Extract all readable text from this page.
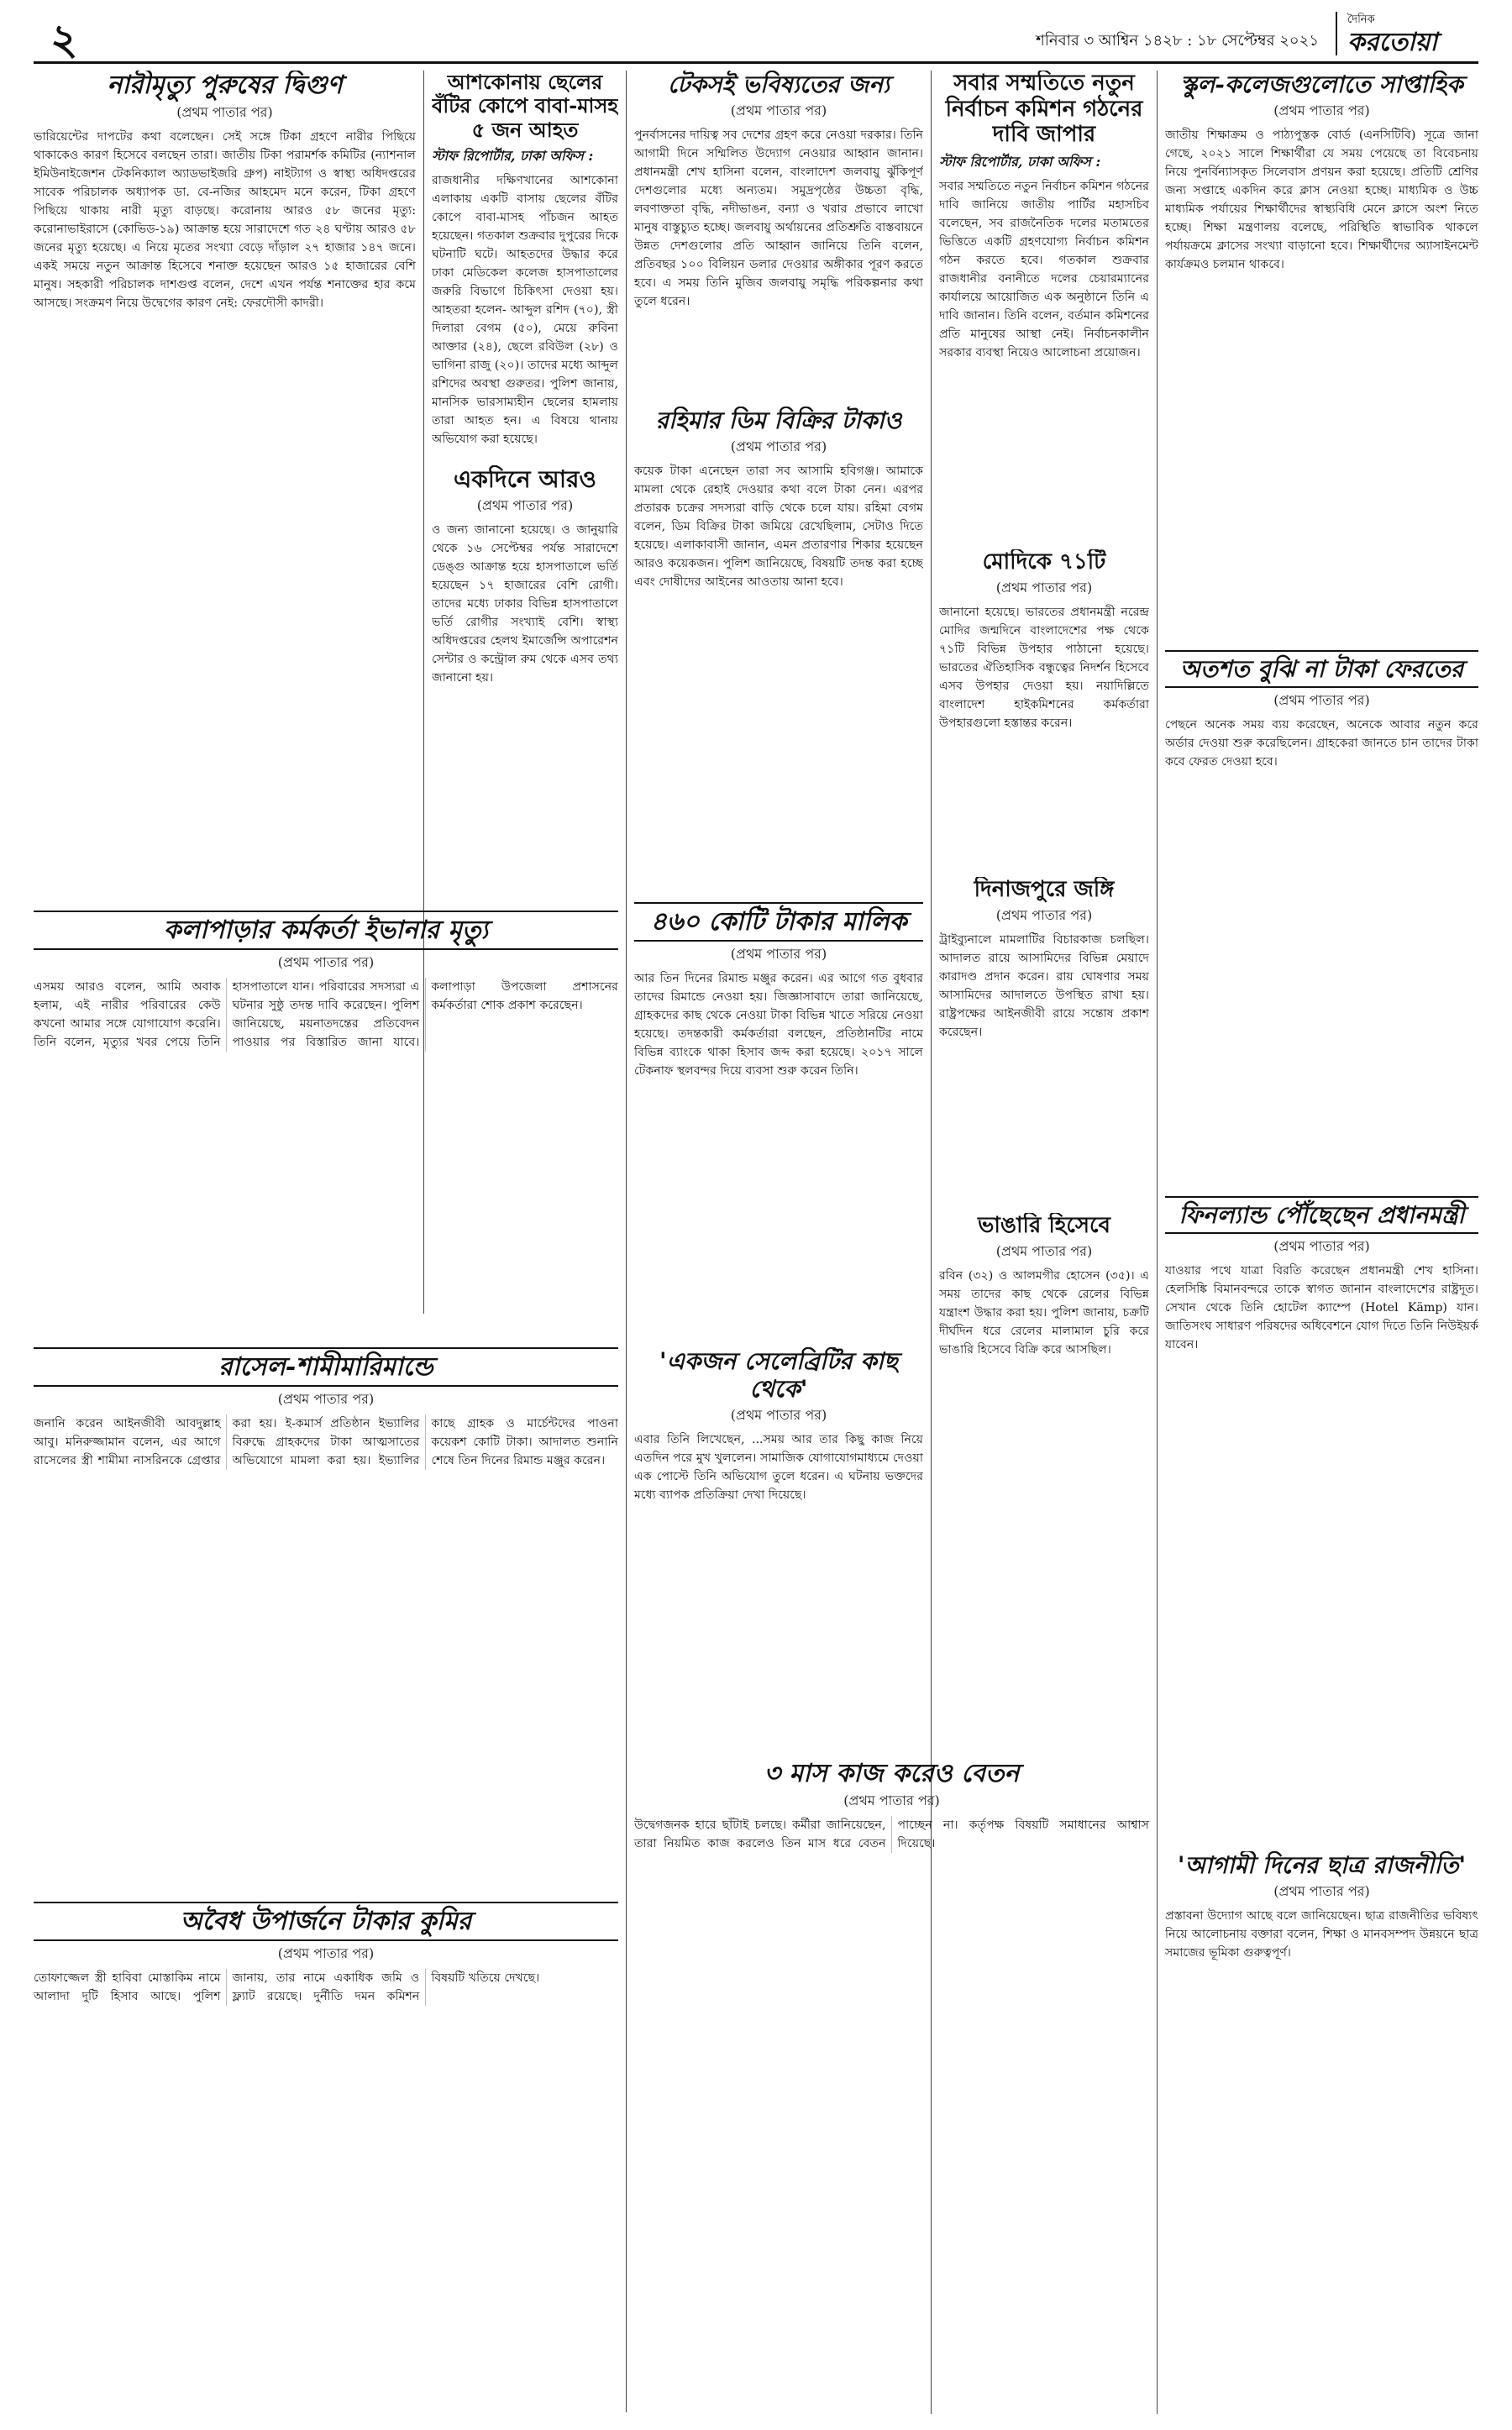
২	শনিবার ৩ আশ্বিন ১৪২৮ : ১৮ সেপ্টেম্বর ২০২১
দৈনিক
করতোয়া
নারীমৃত্যু পুরুষের দ্বিগুণ
(প্রথম পাতার পর)
ভারিয়েন্টের দাপটের কথা বলেছেন। সেই সঙ্গে টিকা গ্রহণে নারীর পিছিয়ে থাকাকেও কারণ হিসেবে বলছেন তারা। জাতীয় টিকা পরামর্শক কমিটির (ন্যাশনাল ইমিউনাইজেশন টেকনিক্যাল অ্যাডভাইজরি গ্রুপ) নাইট্যাগ ও স্বাস্থ্য অধিদপ্তরের সাবেক পরিচালক অধ্যাপক ডা. বে-নজির আহমেদ মনে করেন, টিকা গ্রহণে পিছিয়ে থাকায় নারী মৃত্যু বাড়ছে। করোনায় আরও ৫৮ জনের মৃত্যু: করোনাভাইরাসে (কোভিড-১৯) আক্রান্ত হয়ে সারাদেশে গত ২৪ ঘণ্টায় আরও ৫৮ জনের মৃত্যু হয়েছে। এ নিয়ে মৃতের সংখ্যা বেড়ে দাঁড়াল ২৭ হাজার ১৪৭ জনে। একই সময়ে নতুন আক্রান্ত হিসেবে শনাক্ত হয়েছেন আরও ১৫ হাজারের বেশি মানুষ। সহকারী পরিচালক দাশগুপ্ত বলেন, দেশে এখন পর্যন্ত শনাক্তের হার কমে আসছে। সংক্রমণ নিয়ে উদ্বেগের কারণ নেই: ফেরদৌসী কাদরী।
আশকোনায় ছেলের বঁটির কোপে বাবা-মাসহ ৫ জন আহত
স্টাফ রিপোর্টার, ঢাকা অফিস :
রাজধানীর দক্ষিণখানের আশকোনা এলাকায় একটি বাসায় ছেলের বঁটির কোপে বাবা-মাসহ পাঁচজন আহত হয়েছেন। গতকাল শুক্রবার দুপুরের দিকে ঘটনাটি ঘটে। আহতদের উদ্ধার করে ঢাকা মেডিকেল কলেজ হাসপাতালের জরুরি বিভাগে চিকিৎসা দেওয়া হয়। আহতরা হলেন- আব্দুল রশিদ (৭০), স্ত্রী দিলারা বেগম (৫০), মেয়ে রুবিনা আক্তার (২৪), ছেলে রবিউল (২৮) ও ভাগিনা রাজু (২০)। তাদের মধ্যে আব্দুল রশিদের অবস্থা গুরুতর। পুলিশ জানায়, মানসিক ভারসাম্যহীন ছেলের হামলায় তারা আহত হন। এ বিষয়ে থানায় অভিযোগ করা হয়েছে।
টেকসই ভবিষ্যতের জন্য
(প্রথম পাতার পর)
পুনর্বাসনের দায়িত্ব সব দেশের গ্রহণ করে নেওয়া দরকার। তিনি আগামী দিনে সম্মিলিত উদ্যোগ নেওয়ার আহ্বান জানান। প্রধানমন্ত্রী শেখ হাসিনা বলেন, বাংলাদেশ জলবায়ু ঝুঁকিপূর্ণ দেশগুলোর মধ্যে অন্যতম। সমুদ্রপৃষ্ঠের উচ্চতা বৃদ্ধি, লবণাক্ততা বৃদ্ধি, নদীভাঙন, বন্যা ও খরার প্রভাবে লাখো মানুষ বাস্তুচ্যুত হচ্ছে। জলবায়ু অর্থায়নের প্রতিশ্রুতি বাস্তবায়নে উন্নত দেশগুলোর প্রতি আহ্বান জানিয়ে তিনি বলেন, প্রতিবছর ১০০ বিলিয়ন ডলার দেওয়ার অঙ্গীকার পূরণ করতে হবে। এ সময় তিনি মুজিব জলবায়ু সমৃদ্ধি পরিকল্পনার কথা তুলে ধরেন।
সবার সম্মতিতে নতুন নির্বাচন কমিশন গঠনের দাবি জাপার
স্টাফ রিপোর্টার, ঢাকা অফিস :
সবার সম্মতিতে নতুন নির্বাচন কমিশন গঠনের দাবি জানিয়ে জাতীয় পার্টির মহাসচিব বলেছেন, সব রাজনৈতিক দলের মতামতের ভিত্তিতে একটি গ্রহণযোগ্য নির্বাচন কমিশন গঠন করতে হবে। গতকাল শুক্রবার রাজধানীর বনানীতে দলের চেয়ারম্যানের কার্যালয়ে আয়োজিত এক অনুষ্ঠানে তিনি এ দাবি জানান। তিনি বলেন, বর্তমান কমিশনের প্রতি মানুষের আস্থা নেই। নির্বাচনকালীন সরকার ব্যবস্থা নিয়েও আলোচনা প্রয়োজন।
স্কুল-কলেজগুলোতে সাপ্তাহিক
(প্রথম পাতার পর)
জাতীয় শিক্ষাক্রম ও পাঠ্যপুস্তক বোর্ড (এনসিটিবি) সূত্রে জানা গেছে, ২০২১ সালে শিক্ষার্থীরা যে সময় পেয়েছে তা বিবেচনায় নিয়ে পুনর্বিন্যাসকৃত সিলেবাস প্রণয়ন করা হয়েছে। প্রতিটি শ্রেণির জন্য সপ্তাহে একদিন করে ক্লাস নেওয়া হচ্ছে। মাধ্যমিক ও উচ্চ মাধ্যমিক পর্যায়ের শিক্ষার্থীদের স্বাস্থ্যবিধি মেনে ক্লাসে অংশ নিতে হচ্ছে। শিক্ষা মন্ত্রণালয় বলেছে, পরিস্থিতি স্বাভাবিক থাকলে পর্যায়ক্রমে ক্লাসের সংখ্যা বাড়ানো হবে। শিক্ষার্থীদের অ্যাসাইনমেন্ট কার্যক্রমও চলমান থাকবে।
রহিমার ডিম বিক্রির টাকাও
(প্রথম পাতার পর)
কয়েক টাকা এনেছেন তারা সব আসামি হবিগঞ্জ। আমাকে মামলা থেকে রেহাই দেওয়ার কথা বলে টাকা নেন। এরপর প্রতারক চক্রের সদস্যরা বাড়ি থেকে চলে যায়। রহিমা বেগম বলেন, ডিম বিক্রির টাকা জমিয়ে রেখেছিলাম, সেটাও দিতে হয়েছে। এলাকাবাসী জানান, এমন প্রতারণার শিকার হয়েছেন আরও কয়েকজন। পুলিশ জানিয়েছে, বিষয়টি তদন্ত করা হচ্ছে এবং দোষীদের আইনের আওতায় আনা হবে।
মোদিকে ৭১টি
(প্রথম পাতার পর)
জানানো হয়েছে। ভারতের প্রধানমন্ত্রী নরেন্দ্র মোদির জন্মদিনে বাংলাদেশের পক্ষ থেকে ৭১টি বিভিন্ন উপহার পাঠানো হয়েছে। ভারতের ঐতিহাসিক বন্ধুত্বের নিদর্শন হিসেবে এসব উপহার দেওয়া হয়। নয়াদিল্লিতে বাংলাদেশ হাইকমিশনের কর্মকর্তারা উপহারগুলো হস্তান্তর করেন।
একদিনে আরও
(প্রথম পাতার পর)
ও জন্য জানানো হয়েছে। ও জানুয়ারি থেকে ১৬ সেপ্টেম্বর পর্যন্ত সারাদেশে ডেঙ্গু আক্রান্ত হয়ে হাসপাতালে ভর্তি হয়েছেন ১৭ হাজারের বেশি রোগী। তাদের মধ্যে ঢাকার বিভিন্ন হাসপাতালে ভর্তি রোগীর সংখ্যাই বেশি। স্বাস্থ্য অধিদপ্তরের হেলথ ইমার্জেন্সি অপারেশন সেন্টার ও কন্ট্রোল রুম থেকে এসব তথ্য জানানো হয়।
কলাপাড়ার কর্মকর্তা ইভানার মৃত্যু
(প্রথম পাতার পর)
এসময় আরও বলেন, আমি অবাক হলাম, এই নারীর পরিবারের কেউ কখনো আমার সঙ্গে যোগাযোগ করেনি। তিনি বলেন, মৃত্যুর খবর পেয়ে তিনি হাসপাতালে যান। পরিবারের সদস্যরা এ ঘটনার সুষ্ঠু তদন্ত দাবি করেছেন। পুলিশ জানিয়েছে, ময়নাতদন্তের প্রতিবেদন পাওয়ার পর বিস্তারিত জানা যাবে। কলাপাড়া উপজেলা প্রশাসনের কর্মকর্তারা শোক প্রকাশ করেছেন।
৪৬০ কোটি টাকার মালিক
(প্রথম পাতার পর)
আর তিন দিনের রিমান্ড মঞ্জুর করেন। এর আগে গত বুধবার তাদের রিমান্ডে নেওয়া হয়। জিজ্ঞাসাবাদে তারা জানিয়েছে, গ্রাহকদের কাছ থেকে নেওয়া টাকা বিভিন্ন খাতে সরিয়ে নেওয়া হয়েছে। তদন্তকারী কর্মকর্তারা বলছেন, প্রতিষ্ঠানটির নামে বিভিন্ন ব্যাংকে থাকা হিসাব জব্দ করা হয়েছে। ২০১৭ সালে টেকনাফ স্থলবন্দর দিয়ে ব্যবসা শুরু করেন তিনি।
দিনাজপুরে জঙ্গি
(প্রথম পাতার পর)
ট্রাইব্যুনালে মামলাটির বিচারকাজ চলছিল। আদালত রায়ে আসামিদের বিভিন্ন মেয়াদে কারাদণ্ড প্রদান করেন। রায় ঘোষণার সময় আসামিদের আদালতে উপস্থিত রাখা হয়। রাষ্ট্রপক্ষের আইনজীবী রায়ে সন্তোষ প্রকাশ করেছেন।
রাসেল-শামীমারিমান্ডে
(প্রথম পাতার পর)
জনানি করেন আইনজীবী আবদুল্লাহ আবু। মনিরুজ্জামান বলেন, এর আগে রাসেলের স্ত্রী শামীমা নাসরিনকে গ্রেপ্তার করা হয়। ই-কমার্স প্রতিষ্ঠান ইভ্যালির বিরুদ্ধে গ্রাহকদের টাকা আত্মসাতের অভিযোগে মামলা করা হয়। ইভ্যালির কাছে গ্রাহক ও মার্চেন্টদের পাওনা কয়েকশ কোটি টাকা। আদালত শুনানি শেষে তিন দিনের রিমান্ড মঞ্জুর করেন।
'একজন সেলেব্রিটির কাছ থেকে'
(প্রথম পাতার পর)
এবার তিনি লিখেছেন, ...সময় আর তার কিছু কাজ নিয়ে এতদিন পরে মুখ খুললেন। সামাজিক যোগাযোগমাধ্যমে দেওয়া এক পোস্টে তিনি অভিযোগ তুলে ধরেন। এ ঘটনায় ভক্তদের মধ্যে ব্যাপক প্রতিক্রিয়া দেখা দিয়েছে।
ভাঙারি হিসেবে
(প্রথম পাতার পর)
রবিন (৩২) ও আলমগীর হোসেন (৩৫)। এ সময় তাদের কাছ থেকে রেলের বিভিন্ন যন্ত্রাংশ উদ্ধার করা হয়। পুলিশ জানায়, চক্রটি দীর্ঘদিন ধরে রেলের মালামাল চুরি করে ভাঙারি হিসেবে বিক্রি করে আসছিল।
অবৈধ উপার্জনে টাকার কুমির
(প্রথম পাতার পর)
তোফাজ্জেল স্ত্রী হাবিবা মোস্তাকিম নামে আলাদা দুটি হিসাব আছে। পুলিশ জানায়, তার নামে একাধিক জমি ও ফ্ল্যাট রয়েছে। দুর্নীতি দমন কমিশন বিষয়টি খতিয়ে দেখছে।
অতশত বুঝি না টাকা ফেরতের
(প্রথম পাতার পর)
পেছনে অনেক সময় ব্যয় করেছেন, অনেকে আবার নতুন করে অর্ডার দেওয়া শুরু করেছিলেন। গ্রাহকেরা জানতে চান তাদের টাকা কবে ফেরত দেওয়া হবে।
৩ মাস কাজ করেও বেতন
(প্রথম পাতার পর)
উদ্বেগজনক হারে ছাঁটাই চলছে। কর্মীরা জানিয়েছেন, তারা নিয়মিত কাজ করলেও তিন মাস ধরে বেতন পাচ্ছেন না। কর্তৃপক্ষ বিষয়টি সমাধানের আশ্বাস দিয়েছে।
ফিনল্যান্ড পৌঁছেছেন প্রধানমন্ত্রী
(প্রথম পাতার পর)
যাওয়ার পথে যাত্রা বিরতি করেছেন প্রধানমন্ত্রী শেখ হাসিনা। হেলসিঙ্কি বিমানবন্দরে তাকে স্বাগত জানান বাংলাদেশের রাষ্ট্রদূত। সেখান থেকে তিনি হোটেল ক্যাম্পে (Hotel Kämp) যান। জাতিসংঘ সাধারণ পরিষদের অধিবেশনে যোগ দিতে তিনি নিউইয়র্ক যাবেন।
'আগামী দিনের ছাত্র রাজনীতি'
(প্রথম পাতার পর)
প্রস্তাবনা উদ্যোগ আছে বলে জানিয়েছেন। ছাত্র রাজনীতির ভবিষ্যৎ নিয়ে আলোচনায় বক্তারা বলেন, শিক্ষা ও মানবসম্পদ উন্নয়নে ছাত্র সমাজের ভূমিকা গুরুত্বপূর্ণ।
